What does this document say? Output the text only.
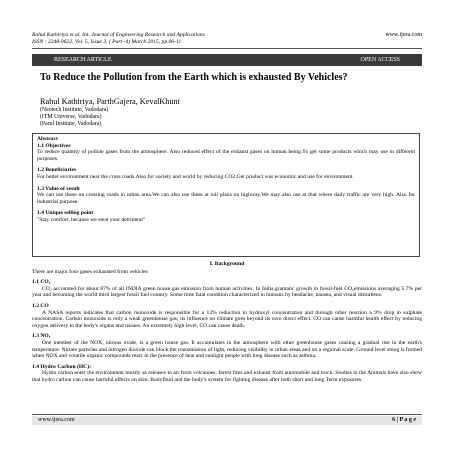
Rahul Kathiriya et al. Int. Journal of Engineering Research and Applications
ISSN : 2248-9622, Vol. 5, Issue 3, ( Part -4) March 2015, pp.06-11
www.ijera.com
RESEARCH ARTICLE	OPEN ACCESS
To Reduce the Pollution from the Earth which is exhausted By Vehicles?
Rahul Kathiriya, ParthGajera, KevalKhunt
(Neotech Institute, Vadodara)
(ITM Universe, Vadodara)
(Parul Institute, Vadodara)
Abstract
1.1 Objectives
To reduce quantity of pollute gases from the atmosphere. Also reduced effect of the exhaust gases on human being.To get some products which may use in different purposes.
1.2 Beneficiaries
For better environment near the cross roads.Also for society and world by reducing CO2.Get product was economic and use for environment.
1.3 Value of result
We can use these on crossing roads in urban area.We can also use these at toll plaza on highway.We may also use at that where daily traffic are very high. Also for industrial purpose.
1.4 Unique selling point
"Stay comfort, because we steal your detriment"
I. Background
There are major four gases exhausted from vehicles
1.1 CO₂
CO₂ accounted for about 87% of all INDIA green house gas emission from human activities. In India,gramatic growth in fossil-fuel CO₂emissions averaging 5.7% per year and becoming the world third largest fossil fuel country. Some time fatal condition characterized in humans by headache, nausea, and visual disturbens.
1.2 CO
A NASA reports indicates that carbon monoxide is responsible for a 13% reduction in hydroxyl concentration and through other reaction a 9% drop in sulphate concentration. Carbon monoxide is only a weak greenhouse gas; its influence on climate goes beyond its own direct effect. CO can cause harmful health effect by reducing oxygen delivery to the body's organs and tissues. An extremely high level, CO can cause death.
1.3 NOₓ
One member of the NOX, nitrous oxide, is a green house gas. It accumulates in the atmosphere with other greenhouse gases causing a gradual rise in the earth's temperature. Nitrate particles and nitrogen dioxide can block the transmission of light, reducing visibility in urban areas and on a regional scale. Ground level smog is formed when NOX and volatile organic compounds react in the presence of heat and sunlight people with lung disease such as asthma.
1.4 Hydro Carbon (HC):
Hydro carbon enter the environment mostly as releases to air from volcanoes, forest fires and exhaust from automobile and truck. Studies in the Animals have also show that hydro carbon can cause harmful effects on skin, Bodyfluid and the body's system for fighting disease after both short and long Term exposures.
www.ijera.com	6 | P a g e
